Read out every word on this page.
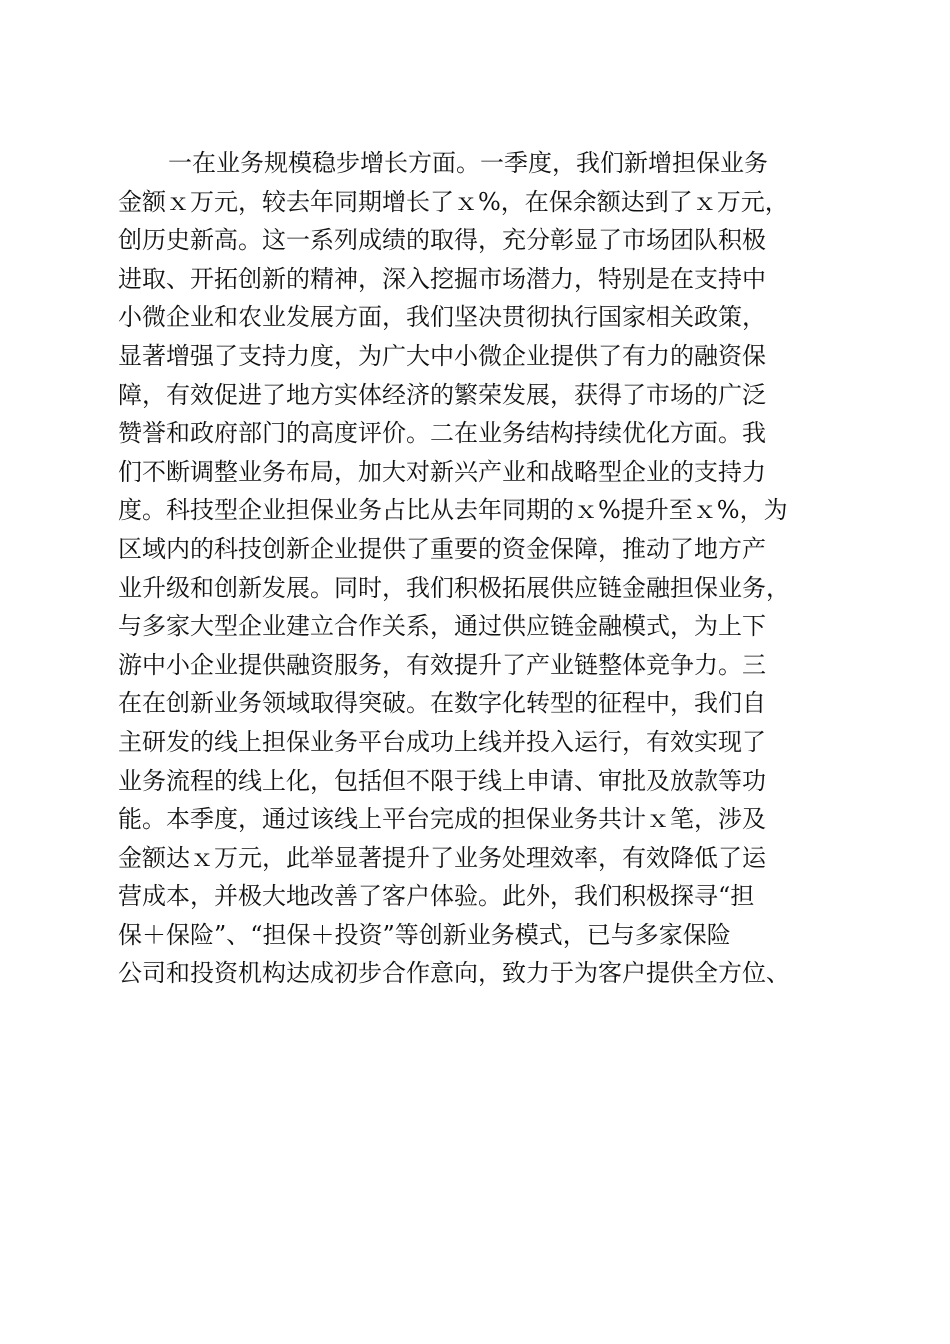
一在业务规模稳步增长方面。一季度，我们新增担保业务
金额ｘ万元，较去年同期增长了ｘ%，在保余额达到了ｘ万元，
创历史新高。这一系列成绩的取得，充分彰显了市场团队积极
进取、开拓创新的精神，深入挖掘市场潜力，特别是在支持中
小微企业和农业发展方面，我们坚决贯彻执行国家相关政策，
显著增强了支持力度，为广大中小微企业提供了有力的融资保
障，有效促进了地方实体经济的繁荣发展，获得了市场的广泛
赞誉和政府部门的高度评价。二在业务结构持续优化方面。我
们不断调整业务布局，加大对新兴产业和战略型企业的支持力
度。科技型企业担保业务占比从去年同期的ｘ%提升至ｘ%，为
区域内的科技创新企业提供了重要的资金保障，推动了地方产
业升级和创新发展。同时，我们积极拓展供应链金融担保业务，
与多家大型企业建立合作关系，通过供应链金融模式，为上下
游中小企业提供融资服务，有效提升了产业链整体竞争力。三
在在创新业务领域取得突破。在数字化转型的征程中，我们自
主研发的线上担保业务平台成功上线并投入运行，有效实现了
业务流程的线上化，包括但不限于线上申请、审批及放款等功
能。本季度，通过该线上平台完成的担保业务共计ｘ笔，涉及
金额达ｘ万元，此举显著提升了业务处理效率，有效降低了运
营成本，并极大地改善了客户体验。此外，我们积极探寻“担
保＋保险”、“担保＋投资”等创新业务模式，已与多家保险
公司和投资机构达成初步合作意向，致力于为客户提供全方位、
